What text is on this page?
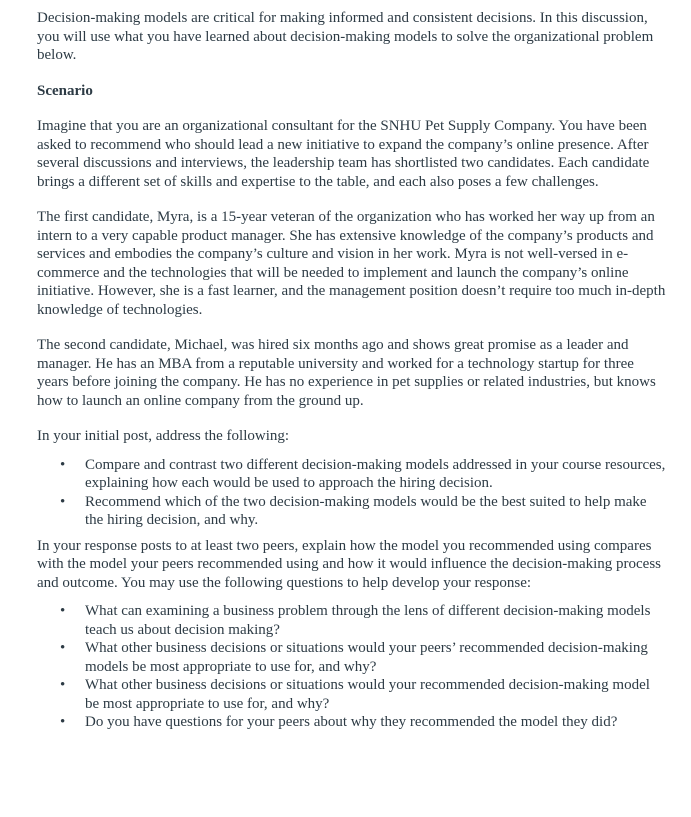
Decision-making models are critical for making informed and consistent decisions. In this discussion, you will use what you have learned about decision-making models to solve the organizational problem below.

Scenario

Imagine that you are an organizational consultant for the SNHU Pet Supply Company. You have been asked to recommend who should lead a new initiative to expand the company’s online presence. After several discussions and interviews, the leadership team has shortlisted two candidates. Each candidate brings a different set of skills and expertise to the table, and each also poses a few challenges.

The first candidate, Myra, is a 15-year veteran of the organization who has worked her way up from an intern to a very capable product manager. She has extensive knowledge of the company’s products and services and embodies the company’s culture and vision in her work. Myra is not well-versed in e-commerce and the technologies that will be needed to implement and launch the company’s online initiative. However, she is a fast learner, and the management position doesn’t require too much in-depth knowledge of technologies.

The second candidate, Michael, was hired six months ago and shows great promise as a leader and manager. He has an MBA from a reputable university and worked for a technology startup for three years before joining the company. He has no experience in pet supplies or related industries, but knows how to launch an online company from the ground up.

In your initial post, address the following:

• Compare and contrast two different decision-making models addressed in your course resources, explaining how each would be used to approach the hiring decision.
• Recommend which of the two decision-making models would be the best suited to help make the hiring decision, and why.

In your response posts to at least two peers, explain how the model you recommended using compares with the model your peers recommended using and how it would influence the decision-making process and outcome. You may use the following questions to help develop your response:

• What can examining a business problem through the lens of different decision-making models teach us about decision making?
• What other business decisions or situations would your peers’ recommended decision-making models be most appropriate to use for, and why?
• What other business decisions or situations would your recommended decision-making model be most appropriate to use for, and why?
• Do you have questions for your peers about why they recommended the model they did?
